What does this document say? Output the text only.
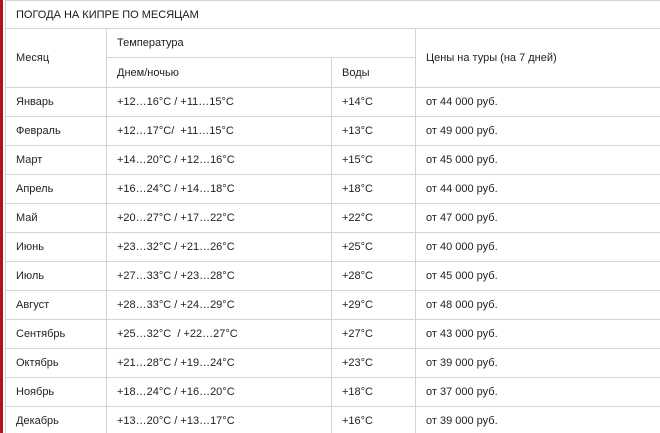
ПОГОДА НА КИПРЕ ПО МЕСЯЦАМ			
Месяц	Температура		Цены на туры (на 7 дней)
	Днем/ночью	Воды	
Январь	+12…16°C / +11…15°C	+14°C	от 44 000 руб.
Февраль	+12…17°C/  +11…15°C	+13°C	от 49 000 руб.
Март	+14…20°C / +12…16°C	+15°C	от 45 000 руб.
Апрель	+16…24°C / +14…18°C	+18°C	от 44 000 руб.
Май	+20…27°C / +17…22°C	+22°C	от 47 000 руб.
Июнь	+23…32°C / +21…26°C	+25°C	от 40 000 руб.
Июль	+27…33°C / +23…28°C	+28°C	от 45 000 руб.
Август	+28…33°C / +24…29°C	+29°C	от 48 000 руб.
Сентябрь	+25…32°C  / +22…27°C	+27°C	от 43 000 руб.
Октябрь	+21…28°C / +19…24°C	+23°C	от 39 000 руб.
Ноябрь	+18…24°C / +16…20°C	+18°C	от 37 000 руб.
Декабрь	+13…20°C / +13…17°C	+16°C	от 39 000 руб.
